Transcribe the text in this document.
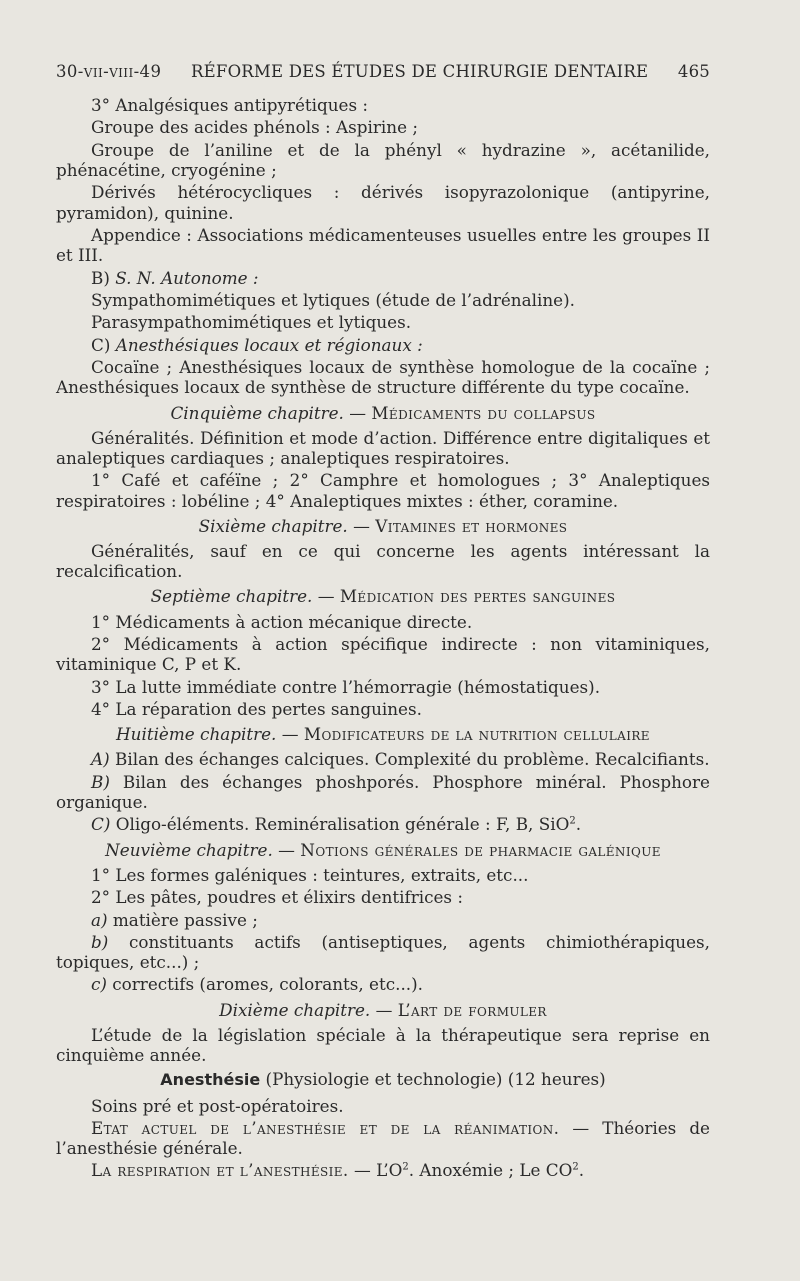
30-vii-viii-49 RÉFORME DES ÉTUDES DE CHIRURGIE DENTAIRE 465

3° Analgésiques antipyrétiques :

Groupe des acides phénols : Aspirine ;

Groupe de l’aniline et de la phényl « hydrazine », acétanilide, phénacétine, cryogénine ;

Dérivés hétérocycliques : dérivés isopyrazolonique (antipyrine, pyramidon), quinine.

Appendice : Associations médicamenteuses usuelles entre les groupes II et III.

B) S. N. Autonome :

Sympathomimétiques et lytiques (étude de l’adrénaline).

Parasympathomimétiques et lytiques.

C) Anesthésiques locaux et régionaux :

Cocaïne ; Anesthésiques locaux de synthèse homologue de la cocaïne ; Anesthésiques locaux de synthèse de structure différente du type cocaïne.

Cinquième chapitre. — Médicaments du collapsus

Généralités. Définition et mode d’action. Différence entre digitaliques et analeptiques cardiaques ; analeptiques respiratoires.

1° Café et caféïne ; 2° Camphre et homologues ; 3° Analeptiques respiratoires : lobéline ; 4° Analeptiques mixtes : éther, coramine.

Sixième chapitre. — Vitamines et hormones

Généralités, sauf en ce qui concerne les agents intéressant la recalcification.

Septième chapitre. — Médication des pertes sanguines

1° Médicaments à action mécanique directe.

2° Médicaments à action spécifique indirecte : non vitaminiques, vitaminique C, P et K.

3° La lutte immédiate contre l’hémorragie (hémostatiques).

4° La réparation des pertes sanguines.

Huitième chapitre. — Modificateurs de la nutrition cellulaire

A) Bilan des échanges calciques. Complexité du problème. Recalcifiants.

B) Bilan des échanges phoshporés. Phosphore minéral. Phosphore organique.

C) Oligo-éléments. Reminéralisation générale : F, B, SiO$^2$.

Neuvième chapitre. — Notions générales de pharmacie galénique

1° Les formes galéniques : teintures, extraits, etc...

2° Les pâtes, poudres et élixirs dentifrices :

a) matière passive ;

b) constituants actifs (antiseptiques, agents chimiothérapiques, topiques, etc...) ;

c) correctifs (aromes, colorants, etc...).

Dixième chapitre. — L’art de formuler

L’étude de la législation spéciale à la thérapeutique sera reprise en cinquième année.

Anesthésie (Physiologie et technologie) (12 heures)

Soins pré et post-opératoires.

Etat actuel de l’anesthésie et de la réanimation. — Théories de l’anesthésie générale.

La respiration et l’anesthésie. — $L’O^2$. Anoxémie ; Le $CO^2$.
